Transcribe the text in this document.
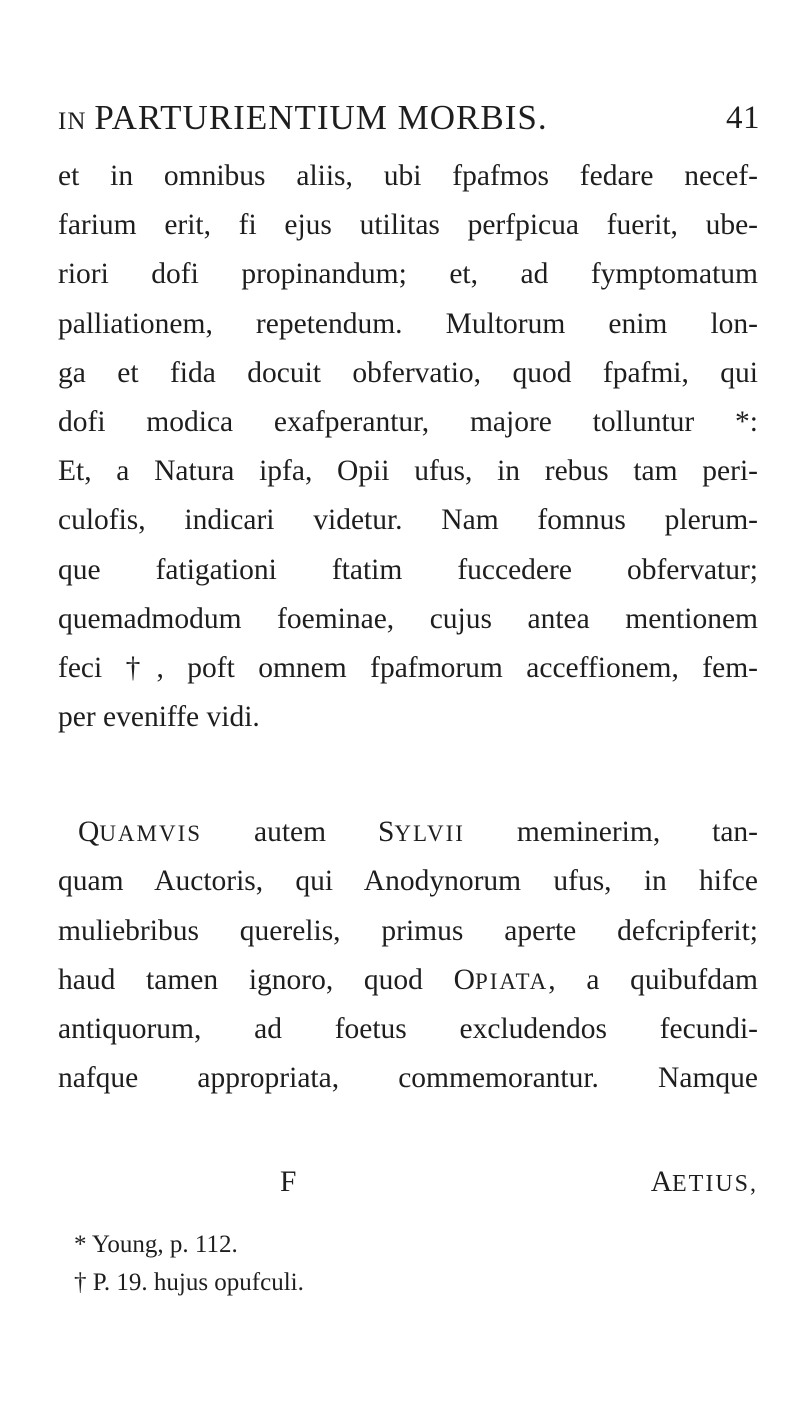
IN PARTURIENTIUM MORBIS.	41
et in omnibus aliis, ubi fpafmos fedare necef-
farium erit, fi ejus utilitas perfpicua fuerit, ube-
riori dofi propinandum; et, ad fymptomatum
palliationem, repetendum. Multorum enim lon-
ga et fida docuit obfervatio, quod fpafmi, qui
dofi modica exafperantur, majore tolluntur *:
Et, a Natura ipfa, Opii ufus, in rebus tam peri-
culofis, indicari videtur. Nam fomnus plerum-
que fatigationi ftatim fuccedere obfervatur;
quemadmodum foeminae, cujus antea mentionem
feci †, poft omnem fpafmorum acceffionem, fem-
per eveniffe vidi.
QUAMVIS autem SYLVII meminerim, tan-
quam Auctoris, qui Anodynorum ufus, in hifce
muliebribus querelis, primus aperte defcripferit;
haud tamen ignoro, quod OPIATA, a quibufdam
antiquorum, ad foetus excludendos fecundi-
nafque appropriata, commemorantur. Namque
F	AETIUS,
* Young, p. 112.
† P. 19. hujus opufculi.
